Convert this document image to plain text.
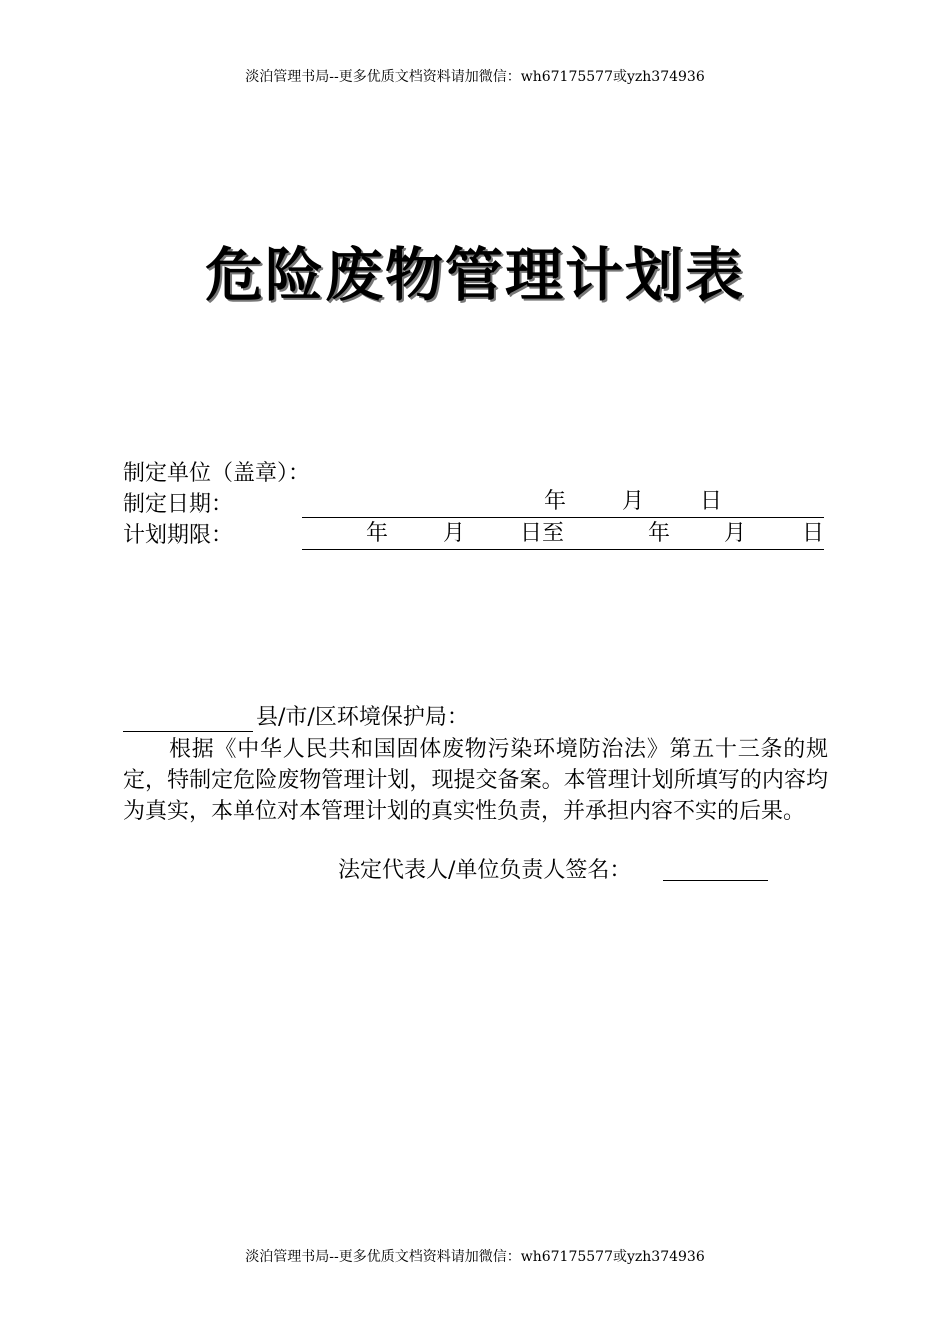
淡泊管理书局--更多优质文档资料请加微信：wh67175577或yzh374936
危险废物管理计划表
制定单位（盖章）：
制定日期：	年	月	日
计划期限：	年 月 日至	年 月	日
县/市/区环境保护局：
根据《中华人民共和国固体废物污染环境防治法》第五十三条的规定，特制定危险废物管理计划，现提交备案。本管理计划所填写的内容均为真实，本单位对本管理计划的真实性负责，并承担内容不实的后果。
法定代表人/单位负责人签名：
淡泊管理书局--更多优质文档资料请加微信：wh67175577或yzh374936
